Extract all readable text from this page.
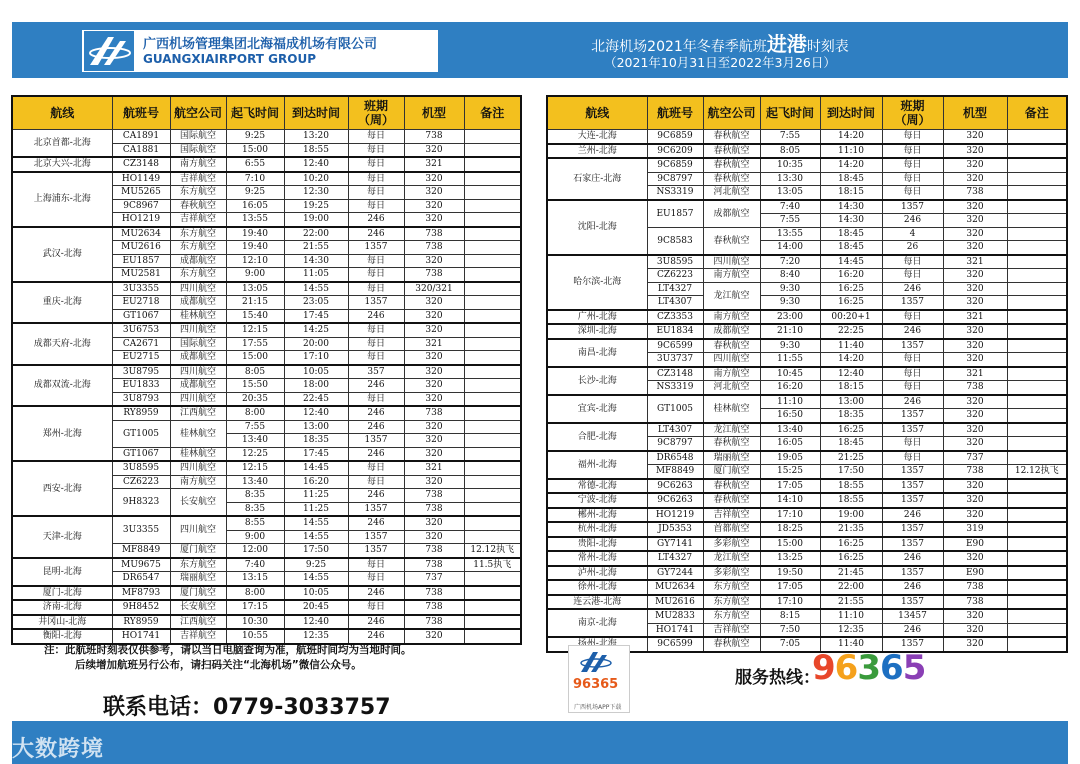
广西机场管理集团北海福成机场有限公司
GUANGXIAIRPORT GROUP
北海机场2021年冬春季航班进港时刻表
（2021年10月31日至2022年3月26日）
航线	航班号	航空公司	起飞时间	到达时间	班期
（周）	机型	备注
北京首都-北海	CA1891	国际航空	9:25	13:20	每日	738	
	CA1881	国际航空	15:00	18:55	每日	320	
北京大兴-北海	CZ3148	南方航空	6:55	12:40	每日	321	
上海浦东-北海	HO1149	吉祥航空	7:10	10:20	每日	320	
	MU5265	东方航空	9:25	12:30	每日	320	
	9C8967	春秋航空	16:05	19:25	每日	320	
	HO1219	吉祥航空	13:55	19:00	246	320	
武汉-北海	MU2634	东方航空	19:40	22:00	246	738	
	MU2616	东方航空	19:40	21:55	1357	738	
	EU1857	成都航空	12:10	14:30	每日	320	
	MU2581	东方航空	9:00	11:05	每日	738	
重庆-北海	3U3355	四川航空	13:05	14:55	每日	320/321	
	EU2718	成都航空	21:15	23:05	1357	320	
	GT1067	桂林航空	15:40	17:45	246	320	
成都天府-北海	3U6753	四川航空	12:15	14:25	每日	320	
	CA2671	国际航空	17:55	20:00	每日	321	
	EU2715	成都航空	15:00	17:10	每日	320	
成都双流-北海	3U8795	四川航空	8:05	10:05	357	320	
	EU1833	成都航空	15:50	18:00	246	320	
	3U8793	四川航空	20:35	22:45	每日	320	
郑州-北海	RY8959	江西航空	8:00	12:40	246	738	
	GT1005	桂林航空	7:55	13:00	246	320	
			13:40	18:35	1357	320	
	GT1067	桂林航空	12:25	17:45	246	320	
西安-北海	3U8595	四川航空	12:15	14:45	每日	321	
	CZ6223	南方航空	13:40	16:20	每日	320	
	9H8323	长安航空	8:35	11:25	246	738	
			8:35	11:25	1357	738	
天津-北海	3U3355	四川航空	8:55	14:55	246	320	
			9:00	14:55	1357	320	
	MF8849	厦门航空	12:00	17:50	1357	738	12.12执飞
昆明-北海	MU9675	东方航空	7:40	9:25	每日	738	11.5执飞
	DR6547	瑞丽航空	13:15	14:55	每日	737	
厦门-北海	MF8793	厦门航空	8:00	10:05	246	738	
济南-北海	9H8452	长安航空	17:15	20:45	每日	738	
井冈山-北海	RY8959	江西航空	10:30	12:40	246	738	
衡阳-北海	HO1741	吉祥航空	10:55	12:35	246	320	
航线	航班号	航空公司	起飞时间	到达时间	班期
（周）	机型	备注
大连-北海	9C6859	春秋航空	7:55	14:20	每日	320	
兰州-北海	9C6209	春秋航空	8:05	11:10	每日	320	
石家庄-北海	9C6859	春秋航空	10:35	14:20	每日	320	
	9C8797	春秋航空	13:30	18:45	每日	320	
	NS3319	河北航空	13:05	18:15	每日	738	
沈阳-北海	EU1857	成都航空	7:40	14:30	1357	320	
			7:55	14:30	246	320	
	9C8583	春秋航空	13:55	18:45	4	320	
			14:00	18:45	26	320	
哈尔滨-北海	3U8595	四川航空	7:20	14:45	每日	321	
	CZ6223	南方航空	8:40	16:20	每日	320	
	LT4327	龙江航空	9:30	16:25	246	320	
	LT4307		9:30	16:25	1357	320	
广州-北海	CZ3353	南方航空	23:00	00:20+1	每日	321	
深圳-北海	EU1834	成都航空	21:10	22:25	246	320	
南昌-北海	9C6599	春秋航空	9:30	11:40	1357	320	
	3U3737	四川航空	11:55	14:20	每日	320	
长沙-北海	CZ3148	南方航空	10:45	12:40	每日	321	
	NS3319	河北航空	16:20	18:15	每日	738	
宜宾-北海	GT1005	桂林航空	11:10	13:00	246	320	
			16:50	18:35	1357	320	
合肥-北海	LT4307	龙江航空	13:40	16:25	1357	320	
	9C8797	春秋航空	16:05	18:45	每日	320	
福州-北海	DR6548	瑞丽航空	19:05	21:25	每日	737	
	MF8849	厦门航空	15:25	17:50	1357	738	12.12执飞
常德-北海	9C6263	春秋航空	17:05	18:55	1357	320	
宁波-北海	9C6263	春秋航空	14:10	18:55	1357	320	
郴州-北海	HO1219	吉祥航空	17:10	19:00	246	320	
杭州-北海	JD5353	首都航空	18:25	21:35	1357	319	
贵阳-北海	GY7141	多彩航空	15:00	16:25	1357	E90	
常州-北海	LT4327	龙江航空	13:25	16:25	246	320	
泸州-北海	GY7244	多彩航空	19:50	21:45	1357	E90	
徐州-北海	MU2634	东方航空	17:05	22:00	246	738	
连云港-北海	MU2616	东方航空	17:10	21:55	1357	738	
南京-北海	MU2833	东方航空	8:15	11:10	13457	320	
	HO1741	吉祥航空	7:50	12:35	246	320	
	9C6599	春秋航空	7:05	11:40	1357	320	
注：此航班时刻表仅供参考，请以当日电脑查询为准，航班时间均为当地时间。
后续增加航班另行公布，请扫码关注“北海机场”微信公众号。
联系电话：0779-3033757
96365
广西机场APP下载
服务热线：
96365
大数跨境
